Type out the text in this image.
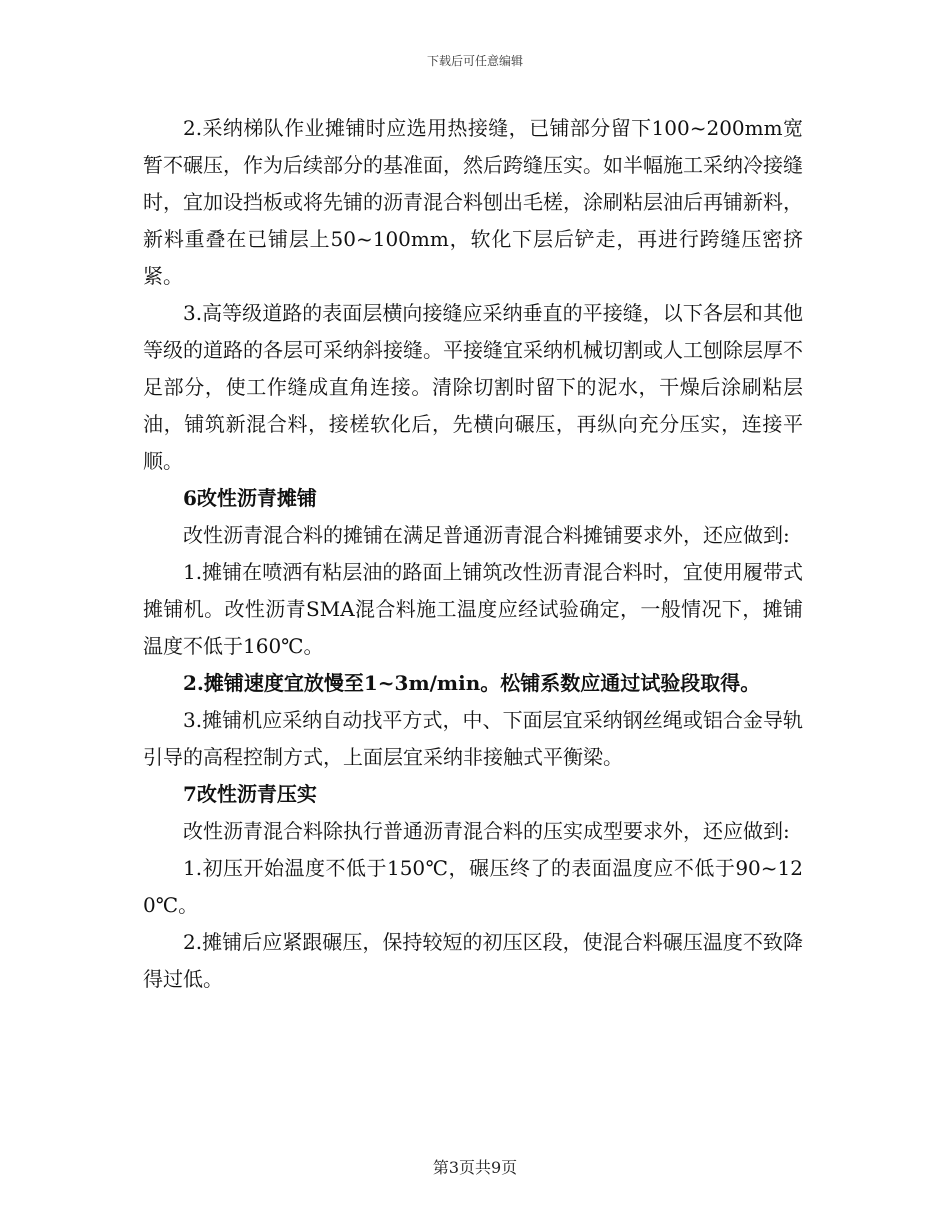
下载后可任意编辑

2.采纳梯队作业摊铺时应选用热接缝，已铺部分留下100~200mm宽暂不碾压，作为后续部分的基准面，然后跨缝压实。如半幅施工采纳冷接缝时，宜加设挡板或将先铺的沥青混合料刨出毛槎，涂刷粘层油后再铺新料，新料重叠在已铺层上50~100mm，软化下层后铲走，再进行跨缝压密挤紧。

3.高等级道路的表面层横向接缝应采纳垂直的平接缝，以下各层和其他等级的道路的各层可采纳斜接缝。平接缝宜采纳机械切割或人工刨除层厚不足部分，使工作缝成直角连接。清除切割时留下的泥水，干燥后涂刷粘层油，铺筑新混合料，接槎软化后，先横向碾压，再纵向充分压实，连接平顺。

6改性沥青摊铺

改性沥青混合料的摊铺在满足普通沥青混合料摊铺要求外，还应做到:

1.摊铺在喷洒有粘层油的路面上铺筑改性沥青混合料时，宜使用履带式摊铺机。改性沥青SMA混合料施工温度应经试验确定，一般情况下，摊铺温度不低于160℃。

2.摊铺速度宜放慢至1~3m/min。松铺系数应通过试验段取得。

3.摊铺机应采纳自动找平方式，中、下面层宜采纳钢丝绳或铝合金导轨引导的高程控制方式，上面层宜采纳非接触式平衡梁。

7改性沥青压实

改性沥青混合料除执行普通沥青混合料的压实成型要求外，还应做到:

1.初压开始温度不低于150℃，碾压终了的表面温度应不低于90~120℃。

2.摊铺后应紧跟碾压，保持较短的初压区段，使混合料碾压温度不致降得过低。

第3页共9页
